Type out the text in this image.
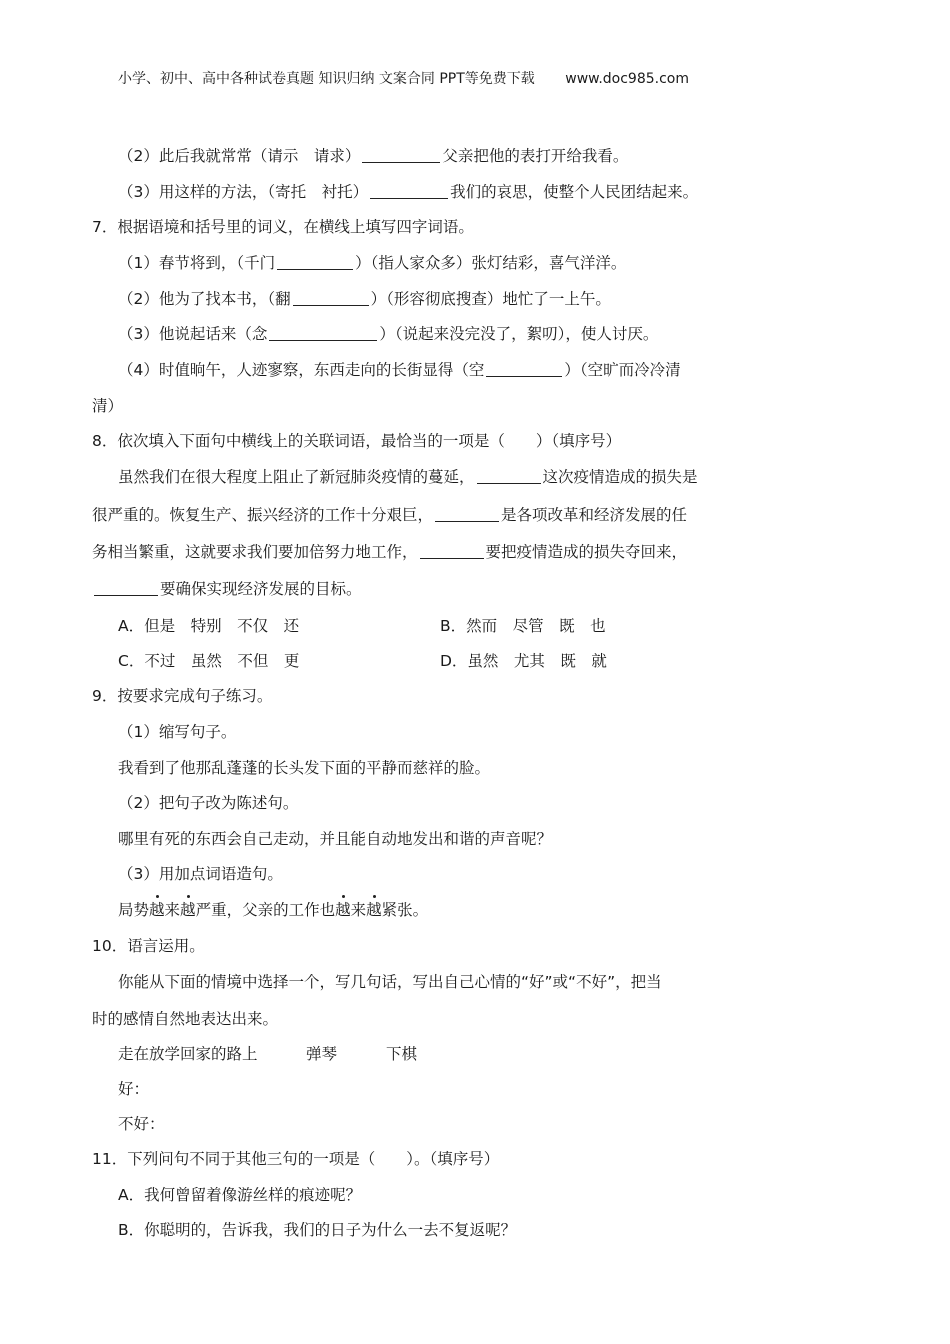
小学、初中、高中各种试卷真题 知识归纳 文案合同 PPT等免费下载 www.doc985.com
（2）此后我就常常（请示　请求）	父亲把他的表打开给我看。
（3）用这样的方法，（寄托　衬托）	我们的哀思，使整个人民团结起来。
7．根据语境和括号里的词义，在横线上填写四字词语。
（1）春节将到，（千门	）（指人家众多）张灯结彩，喜气洋洋。
（2）他为了找本书，（翻	）（形容彻底搜查）地忙了一上午。
（3）他说起话来（念	）（说起来没完没了，絮叨），使人讨厌。
（4）时值晌午，人迹寥察，东西走向的长街显得（空	）（空旷而冷冷清
清）
8．依次填入下面句中横线上的关联词语，最恰当的一项是（　　）（填序号）
虽然我们在很大程度上阻止了新冠肺炎疫情的蔓延，	这次疫情造成的损失是
很严重的。恢复生产、振兴经济的工作十分艰巨，	是各项改革和经济发展的任
务相当繁重，这就要求我们要加倍努力地工作，	要把疫情造成的损失夺回来，
要确保实现经济发展的目标。
A．但是　特别　不仅　还	B．然而　尽管　既　也
C．不过　虽然　不但　更	D．虽然　尤其　既　就
9．按要求完成句子练习。
（1）缩写句子。
我看到了他那乱蓬蓬的长头发下面的平静而慈祥的脸。
（2）把句子改为陈述句。
哪里有死的东西会自己走动，并且能自动地发出和谐的声音呢？
（3）用加点词语造句。
局势越来越严重，父亲的工作也越来越紧张。
10．语言运用。
你能从下面的情境中选择一个，写几句话，写出自己心情的“好”或“不好”，把当
时的感情自然地表达出来。
走在放学回家的路上	弹琴	下棋
好：
不好：
11．下列问句不同于其他三句的一项是（　　）。（填序号）
A．我何曾留着像游丝样的痕迹呢？
B．你聪明的，告诉我，我们的日子为什么一去不复返呢？
